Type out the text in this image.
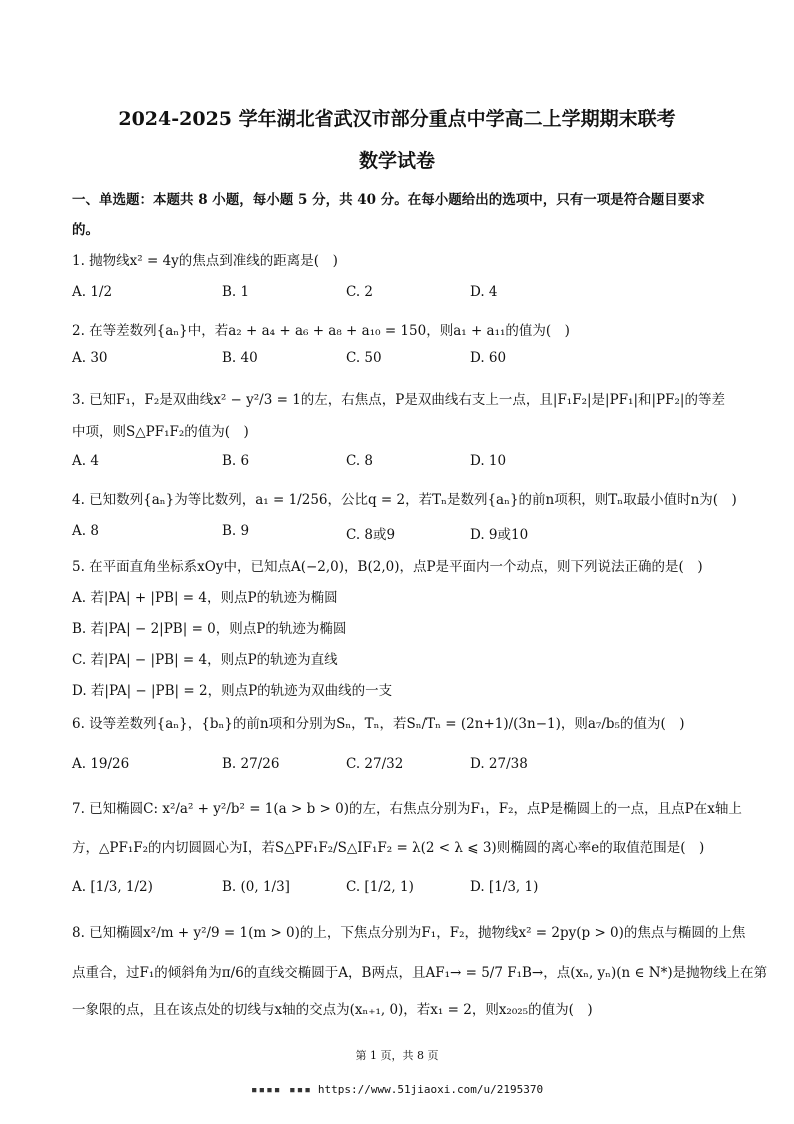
2024-2025 学年湖北省武汉市部分重点中学高二上学期期末联考
数学试卷
一、单选题：本题共 8 小题，每小题 5 分，共 40 分。在每小题给出的选项中，只有一项是符合题目要求
的。
1. 抛物线x² = 4y的焦点到准线的距离是(　)
A. 1/2	B. 1	C. 2	D. 4
2. 在等差数列{aₙ}中，若a₂ + a₄ + a₆ + a₈ + a₁₀ = 150，则a₁ + a₁₁的值为(　)
A. 30	B. 40	C. 50	D. 60
3. 已知F₁，F₂是双曲线x² − y²/3 = 1的左，右焦点，P是双曲线右支上一点，且|F₁F₂|是|PF₁|和|PF₂|的等差
中项，则S△PF₁F₂的值为(　)
A. 4	B. 6	C. 8	D. 10
4. 已知数列{aₙ}为等比数列，a₁ = 1/256，公比q = 2，若Tₙ是数列{aₙ}的前n项积，则Tₙ取最小值时n为(　)
A. 8	B. 9	C. 8或9	D. 9或10
5. 在平面直角坐标系xOy中，已知点A(−2,0)，B(2,0)，点P是平面内一个动点，则下列说法正确的是(　)
A. 若|PA| + |PB| = 4，则点P的轨迹为椭圆
B. 若|PA| − 2|PB| = 0，则点P的轨迹为椭圆
C. 若|PA| − |PB| = 4，则点P的轨迹为直线
D. 若|PA| − |PB| = 2，则点P的轨迹为双曲线的一支
6. 设等差数列{aₙ}，{bₙ}的前n项和分别为Sₙ，Tₙ，若Sₙ/Tₙ = (2n+1)/(3n−1)，则a₇/b₅的值为(　)
A. 19/26	B. 27/26	C. 27/32	D. 27/38
7. 已知椭圆C: x²/a² + y²/b² = 1(a > b > 0)的左，右焦点分别为F₁，F₂，点P是椭圆上的一点，且点P在x轴上
方，△PF₁F₂的内切圆圆心为I，若S△PF₁F₂/S△IF₁F₂ = λ(2 < λ ⩽ 3)则椭圆的离心率e的取值范围是(　)
A. [1/3, 1/2)	B. (0, 1/3]	C. [1/2, 1)	D. [1/3, 1)
8. 已知椭圆x²/m + y²/9 = 1(m > 0)的上，下焦点分别为F₁，F₂，抛物线x² = 2py(p > 0)的焦点与椭圆的上焦
点重合，过F₁的倾斜角为π/6的直线交椭圆于A，B两点，且AF₁→ = 5/7 F₁B→，点(xₙ, yₙ)(n ∈ N*)是抛物线上在第
一象限的点，且在该点处的切线与x轴的交点为(xₙ₊₁, 0)，若x₁ = 2，则x₂₀₂₅的值为(　)
第 1 页，共 8 页
▪▪▪▪ ▪▪▪ https://www.51jiaoxi.com/u/2195370
